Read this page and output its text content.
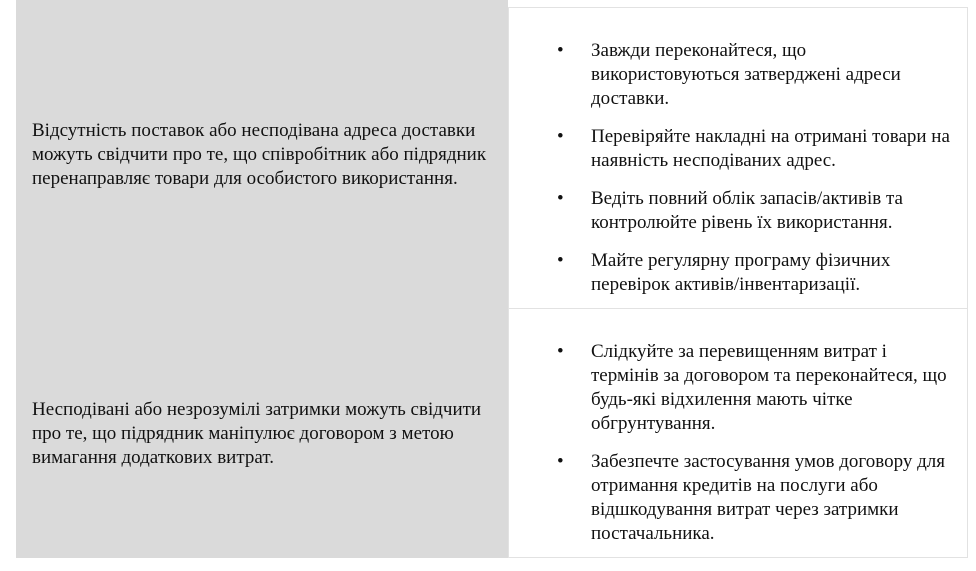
Відсутність поставок або несподівана адреса доставки можуть свідчити про те, що співробітник або підрядник перенаправляє товари для особистого використання.

• Завжди переконайтеся, що використовуються затверджені адреси доставки.
• Перевіряйте накладні на отримані товари на наявність несподіваних адрес.
• Ведіть повний облік запасів/активів та контролюйте рівень їх використання.
• Майте регулярну програму фізичних перевірок активів/інвентаризації.

Несподівані або незрозумілі затримки можуть свідчити про те, що підрядник маніпулює договором з метою вимагання додаткових витрат.

• Слідкуйте за перевищенням витрат і термінів за договором та переконайтеся, що будь-які відхилення мають чітке обгрунтування.
• Забезпечте застосування умов договору для отримання кредитів на послуги або відшкодування витрат через затримки постачальника.
